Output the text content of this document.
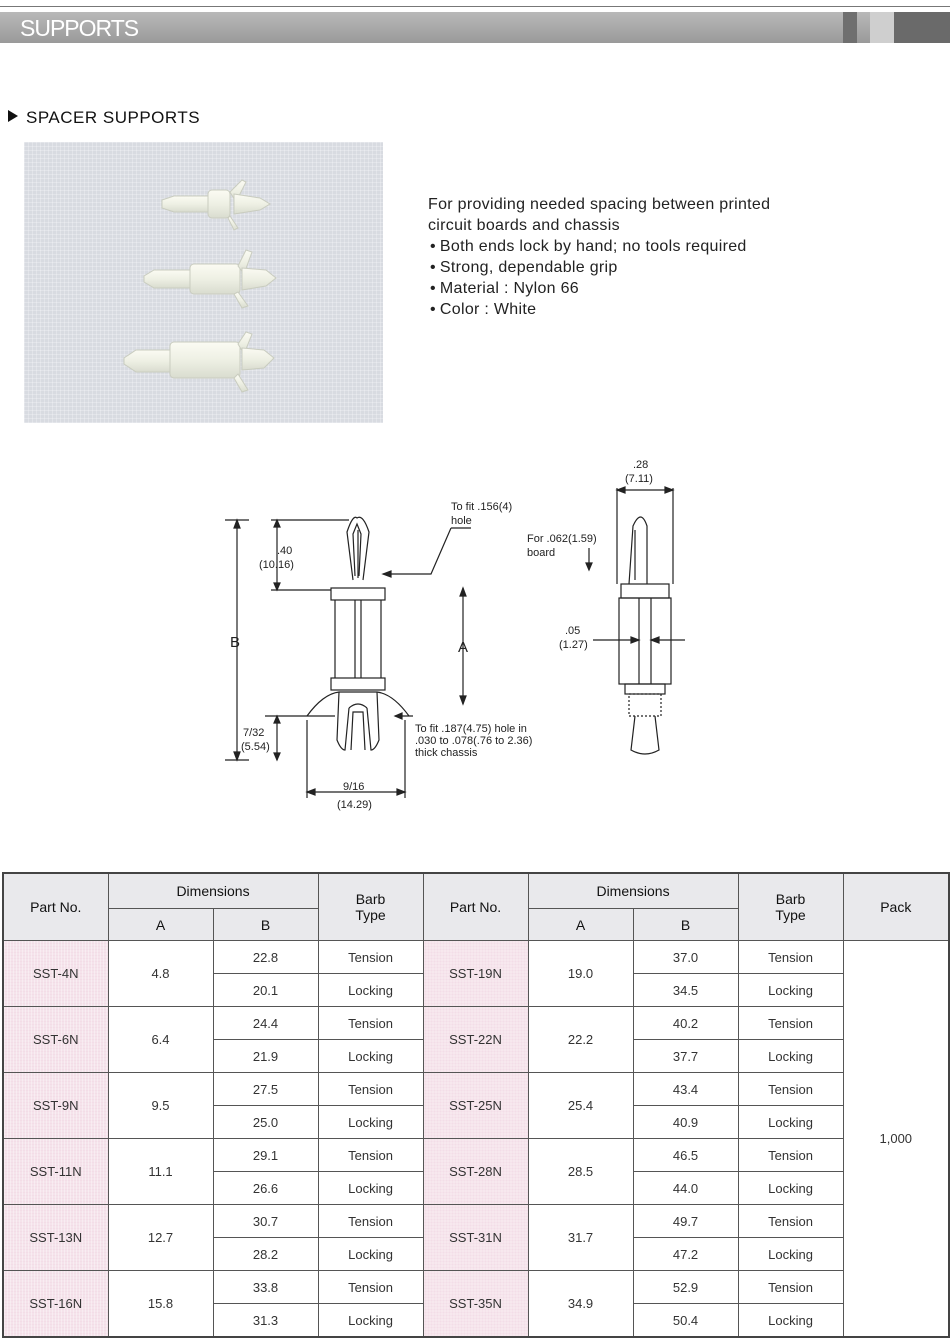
SUPPORTS
SPACER SUPPORTS
For providing needed spacing between printed
circuit boards and chassis
• Both ends lock by hand; no tools required
• Strong, dependable grip
• Material : Nylon 66
• Color : White
B
.40
(10.16)
To fit .156(4)
hole
A
7/32
(5.54)
To fit .187(4.75) hole in
.030 to .078(.76 to 2.36)
thick chassis
9/16
(14.29)
.28
(7.11)
For .062(1.59)
board
.05
(1.27)
Part No.	Dimensions		Barb
Type	Part No.	Dimensions		Barb
Type	Pack
	A	B			A	B		
SST-4N	4.8	22.8	Tension	SST-19N	19.0	37.0	Tension	1,000
		20.1	Locking			34.5	Locking	
SST-6N	6.4	24.4	Tension	SST-22N	22.2	40.2	Tension	
		21.9	Locking			37.7	Locking	
SST-9N	9.5	27.5	Tension	SST-25N	25.4	43.4	Tension	
		25.0	Locking			40.9	Locking	
SST-11N	11.1	29.1	Tension	SST-28N	28.5	46.5	Tension	
		26.6	Locking			44.0	Locking	
SST-13N	12.7	30.7	Tension	SST-31N	31.7	49.7	Tension	
		28.2	Locking			47.2	Locking	
SST-16N	15.8	33.8	Tension	SST-35N	34.9	52.9	Tension	
		31.3	Locking			50.4	Locking	
